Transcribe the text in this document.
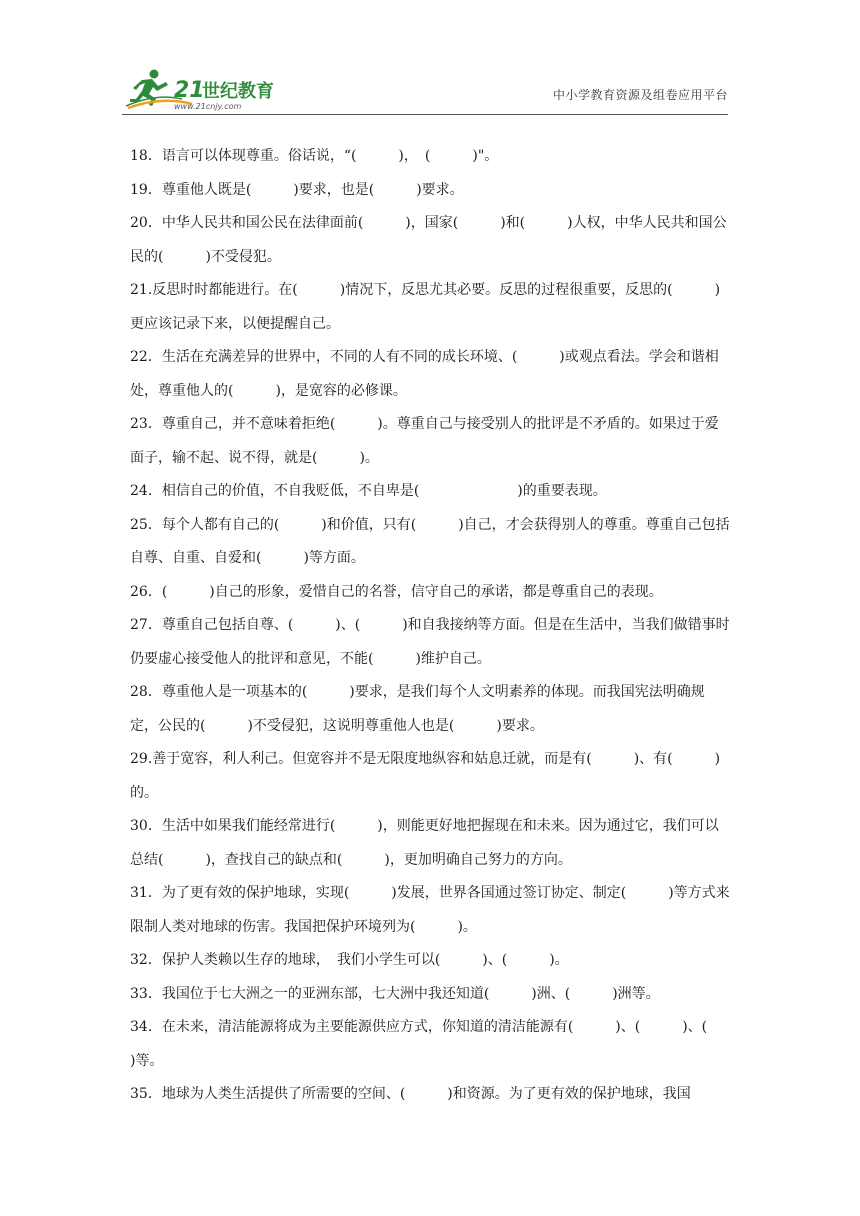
21
世纪教育
www.21cnjy.com
中小学教育资源及组卷应用平台

18．语言可以体现尊重。俗话说，“(　　　)，　(　　　)"。

19．尊重他人既是(　　　)要求，也是(　　　)要求。

20．中华人民共和国公民在法律面前(　　　)，国家(　　　)和(　　　)人权，中华人民共和国公民的(　　　)不受侵犯。

21.反思时时都能进行。在(　　　)情况下，反思尤其必要。反思的过程很重要，反思的(　　　)更应该记录下来，以便提醒自己。

22．生活在充满差异的世界中，不同的人有不同的成长环境、(　　　)或观点看法。学会和谐相处，尊重他人的(　　　)，是宽容的必修课。

23．尊重自己，并不意味着拒绝(　　　)。尊重自己与接受别人的批评是不矛盾的。如果过于爱面子，输不起、说不得，就是(　　　)。

24．相信自己的价值，不自我贬低，不自卑是(　　　　　　　)的重要表现。

25．每个人都有自己的(　　　)和价值，只有(　　　)自己，才会获得别人的尊重。尊重自己包括自尊、自重、自爱和(　　　)等方面。

26．(　　　)自己的形象，爱惜自己的名誉，信守自己的承诺，都是尊重自己的表现。

27．尊重自己包括自尊、(　　　)、(　　　)和自我接纳等方面。但是在生活中，当我们做错事时仍要虚心接受他人的批评和意见，不能(　　　)维护自己。

28．尊重他人是一项基本的(　　　)要求，是我们每个人文明素养的体现。而我国宪法明确规定，公民的(　　　)不受侵犯，这说明尊重他人也是(　　　)要求。

29.善于宽容，利人利己。但宽容并不是无限度地纵容和姑息迁就，而是有(　　　)、有(　　　)的。

30．生活中如果我们能经常进行(　　　)，则能更好地把握现在和未来。因为通过它，我们可以总结(　　　)，查找自己的缺点和(　　　)，更加明确自己努力的方向。

31．为了更有效的保护地球，实现(　　　)发展，世界各国通过签订协定、制定(　　　)等方式来限制人类对地球的伤害。我国把保护环境列为(　　　)。

32．保护人类赖以生存的地球，　我们小学生可以(　　　)、(　　　)。

33．我国位于七大洲之一的亚洲东部，七大洲中我还知道(　　　)洲、(　　　)洲等。

34．在未来，清洁能源将成为主要能源供应方式，你知道的清洁能源有(　　　)、(　　　)、(　　　)等。

35．地球为人类生活提供了所需要的空间、(　　　)和资源。为了更有效的保护地球，我国
